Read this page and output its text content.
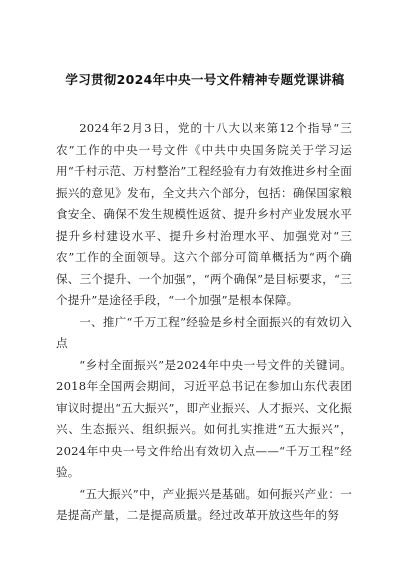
学习贯彻2024年中央一号文件精神专题党课讲稿

2024年2月3日，党的十八大以来第12个指导“三农”工作的中央一号文件《中共中央国务院关于学习运用“千村示范、万村整治”工程经验有力有效推进乡村全面振兴的意见》发布，全文共六个部分，包括：确保国家粮食安全、确保不发生规模性返贫、提升乡村产业发展水平提升乡村建设水平、提升乡村治理水平、加强党对“三农”工作的全面领导。这六个部分可简单概括为“两个确保、三个提升、一个加强”，“两个确保”是目标要求，“三个提升”是途径手段，“一个加强”是根本保障。

一、推广“千万工程”经验是乡村全面振兴的有效切入点

“乡村全面振兴”是2024年中央一号文件的关键词。2018年全国两会期间，习近平总书记在参加山东代表团审议时提出“五大振兴”，即产业振兴、人才振兴、文化振兴、生态振兴、组织振兴。如何扎实推进“五大振兴”，2024年中央一号文件给出有效切入点——“千万工程”经验。

“五大振兴”中，产业振兴是基础。如何振兴产业：一是提高产量，二是提高质量。经过改革开放这些年的努
